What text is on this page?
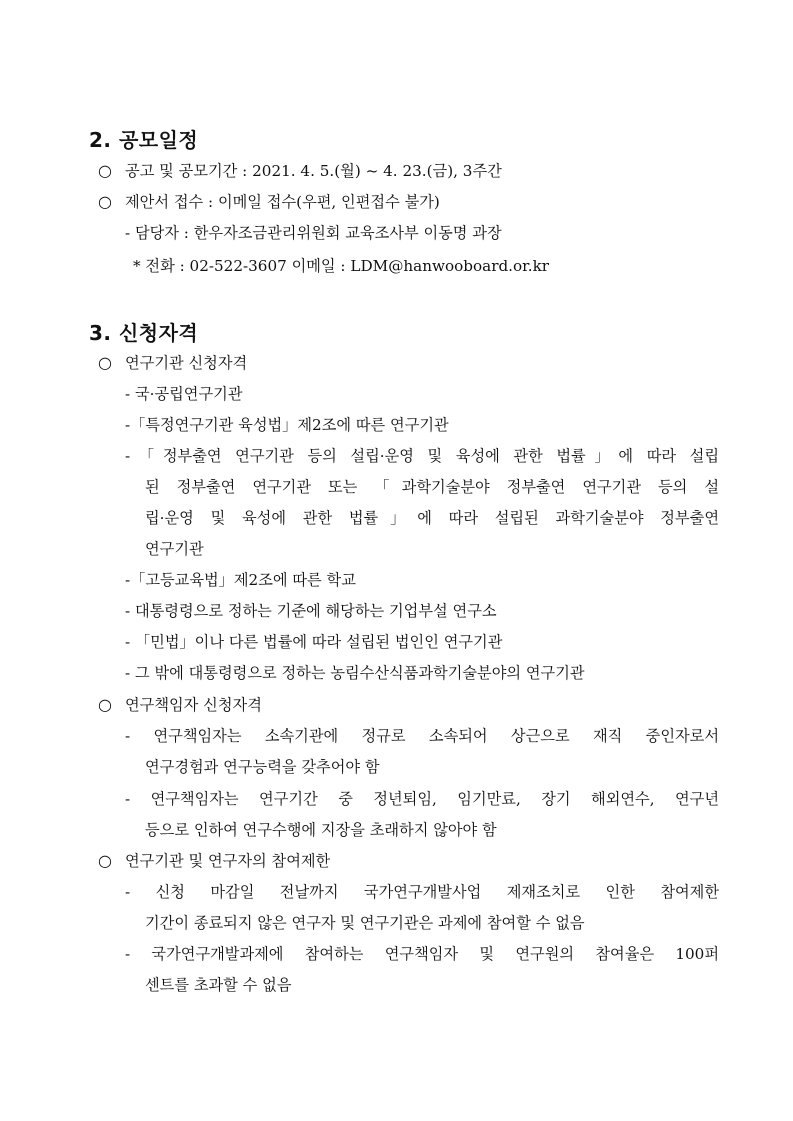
2. 공모일정
○ 공고 및 공모기간 : 2021. 4. 5.(월) ~ 4. 23.(금), 3주간
○ 제안서 접수 : 이메일 접수(우편, 인편접수 불가)
- 담당자 : 한우자조금관리위원회 교육조사부 이동명 과장
* 전화 : 02-522-3607 이메일 : LDM@hanwooboard.or.kr
3. 신청자격
○ 연구기관 신청자격
- 국·공립연구기관
-「특정연구기관 육성법」제2조에 따른 연구기관
-「정부출연 연구기관 등의 설립·운영 및 육성에 관한 법률」에 따라 설립
된 정부출연 연구기관 또는 「과학기술분야 정부출연 연구기관 등의 설
립·운영 및 육성에 관한 법률」에 따라 설립된 과학기술분야 정부출연
연구기관
-「고등교육법」제2조에 따른 학교
- 대통령령으로 정하는 기준에 해당하는 기업부설 연구소
- 「민법」이나 다른 법률에 따라 설립된 법인인 연구기관
- 그 밖에 대통령령으로 정하는 농림수산식품과학기술분야의 연구기관
○ 연구책임자 신청자격
- 연구책임자는 소속기관에 정규로 소속되어 상근으로 재직 중인자로서
연구경험과 연구능력을 갖추어야 함
- 연구책임자는 연구기간 중 정년퇴임, 임기만료, 장기 해외연수, 연구년
등으로 인하여 연구수행에 지장을 초래하지 않아야 함
○ 연구기관 및 연구자의 참여제한
- 신청 마감일 전날까지 국가연구개발사업 제재조치로 인한 참여제한
기간이 종료되지 않은 연구자 및 연구기관은 과제에 참여할 수 없음
- 국가연구개발과제에 참여하는 연구책임자 및 연구원의 참여율은 100퍼
센트를 초과할 수 없음
